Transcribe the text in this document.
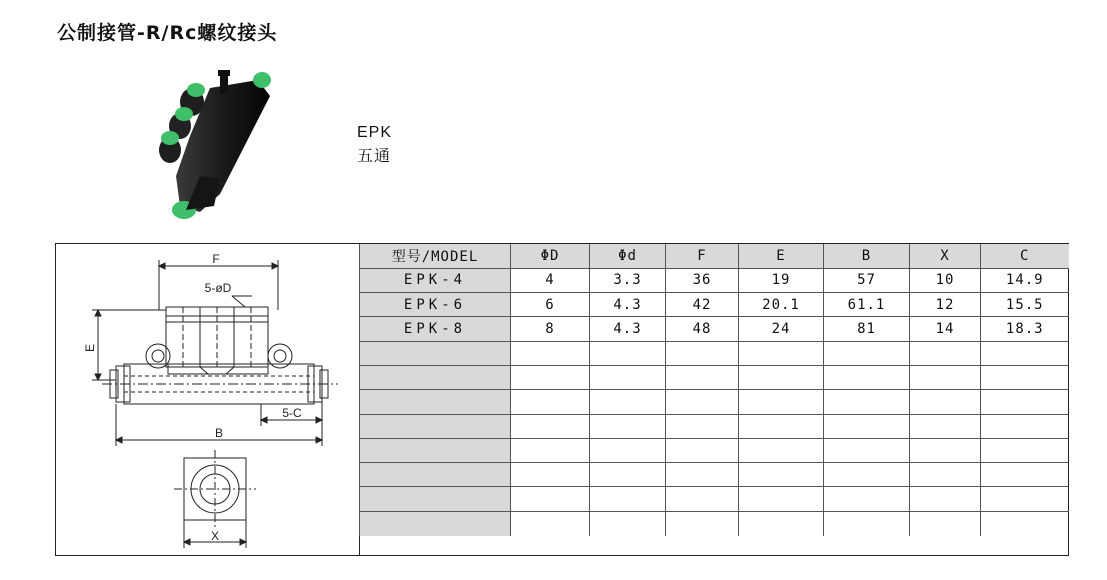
公制接管-R/Rc螺纹接头
EPK
五通
F
5-øD
E
5-C
B
X
型号/MODEL	ΦD	Φd	F	E	B	X	C
EPK-4	4	3.3	36	19	57	10	14.9
EPK-6	6	4.3	42	20.1	61.1	12	15.5
EPK-8	8	4.3	48	24	81	14	18.3
